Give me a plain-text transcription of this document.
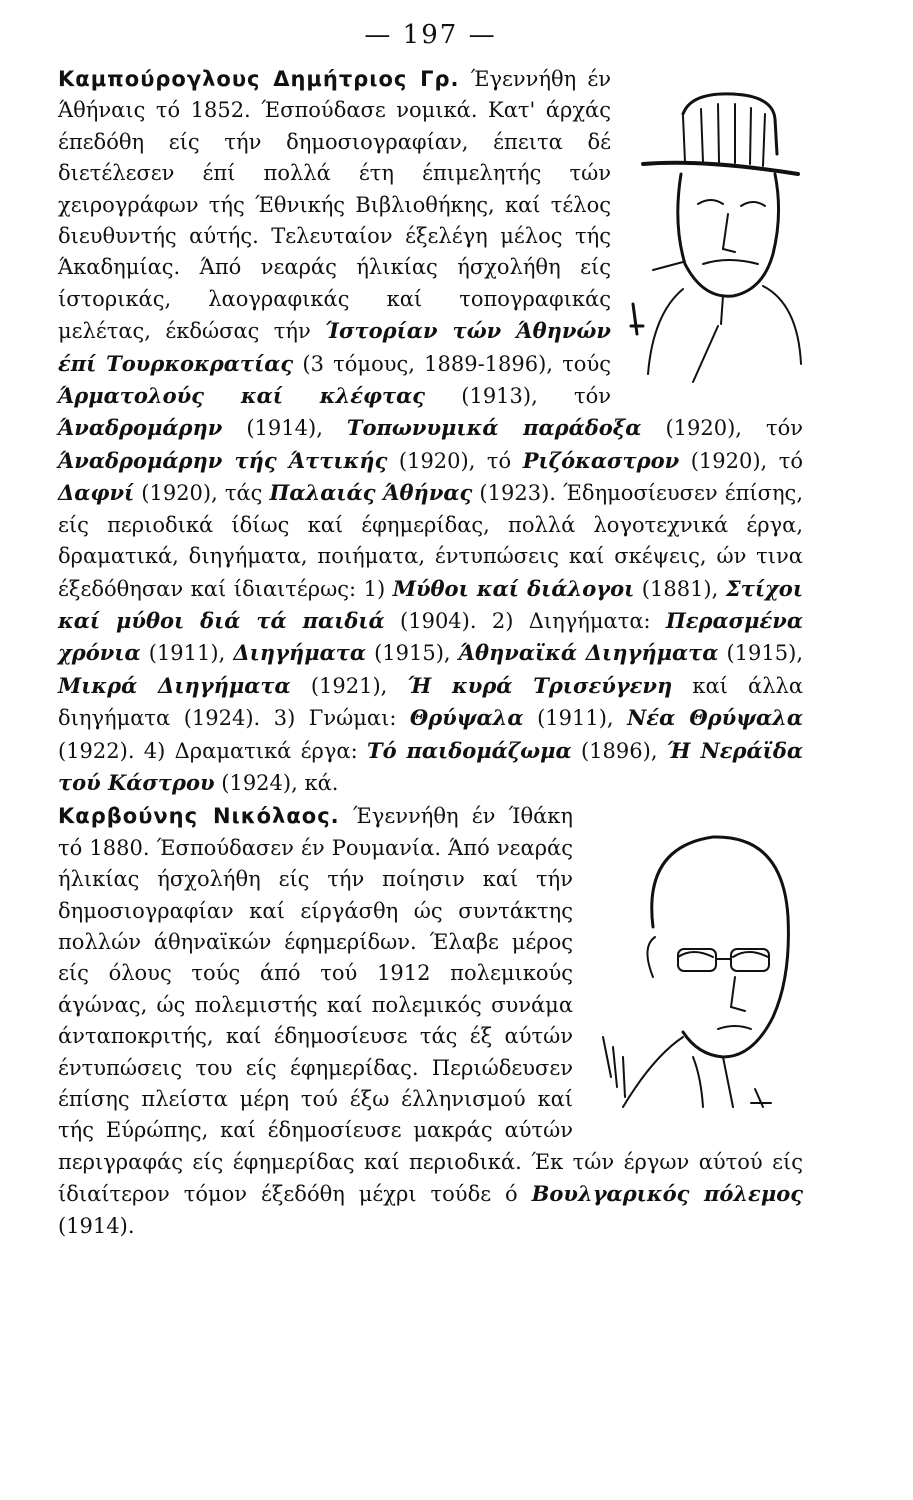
— 197 —

Καμπούρογλους Δημήτριος Γρ. Έγεννήθη έν Άθήναις τό 1852. Έσπούδασε νομικά. Κατ' άρχάς έπεδόθη είς τήν δημοσιογραφίαν, έπειτα δέ διετέλεσεν έπί πολλά έτη έπιμελητής τών χειρογράφων τής Έθνικής Βιβλιοθήκης, καί τέλος διευθυντής αύτής. Τελευταίον έξελέγη μέλος τής Άκαδημίας. Άπό νεαράς ήλικίας ήσχολήθη είς ίστορικάς, λαογραφικάς καί τοπογραφικάς μελέτας, έκδώσας τήν Ίστορίαν τών Άθηνών έπί Τουρκοκρατίας (3 τόμους, 1889-1896), τούς Άρματολούς καί κλέφτας (1913), τόν Άναδρομάρην (1914), Τοπωνυμικά παράδοξα (1920), τόν Άναδρομάρην τής Άττικής (1920), τό Ριζόκαστρον (1920), τό Δαφνί (1920), τάς Παλαιάς Άθήνας (1923). Έδημοσίευσεν έπίσης, είς περιοδικά ίδίως καί έφημερίδας, πολλά λογοτεχνικά έργα, δραματικά, διηγήματα, ποιήματα, έντυπώσεις καί σκέψεις, ών τινα έξεδόθησαν καί ίδιαιτέρως: 1) Μύθοι καί διάλογοι (1881), Στίχοι καί μύθοι διά τά παιδιά (1904). 2) Διηγήματα: Περασμένα χρόνια (1911), Διηγήματα (1915), Άθηναϊκά Διηγήματα (1915), Μικρά Διηγήματα (1921), Ή κυρά Τρισεύγενη καί άλλα διηγήματα (1924). 3) Γνώμαι: Θρύψαλα (1911), Νέα Θρύψαλα (1922). 4) Δραματικά έργα: Τό παιδομάζωμα (1896), Ή Νεράϊδα τού Κάστρου (1924), κά.

Καρβούνης Νικόλαος. Έγεννήθη έν Ίθάκη τό 1880. Έσπούδασεν έν Ρουμανία. Άπό νεαράς ήλικίας ήσχολήθη είς τήν ποίησιν καί τήν δημοσιογραφίαν καί είργάσθη ώς συντάκτης πολλών άθηναϊκών έφημερίδων. Έλαβε μέρος είς όλους τούς άπό τού 1912 πολεμικούς άγώνας, ώς πολεμιστής καί πολεμικός συνάμα άνταποκριτής, καί έδημοσίευσε τάς έξ αύτών έντυπώσεις του είς έφημερίδας. Περιώδευσεν έπίσης πλείστα μέρη τού έξω έλληνισμού καί τής Εύρώπης, καί έδημοσίευσε μακράς αύτών περιγραφάς είς έφημερίδας καί περιοδικά. Έκ τών έργων αύτού είς ίδιαίτερον τόμον έξεδόθη μέχρι τούδε ό Βουλγαρικός πόλεμος (1914).
